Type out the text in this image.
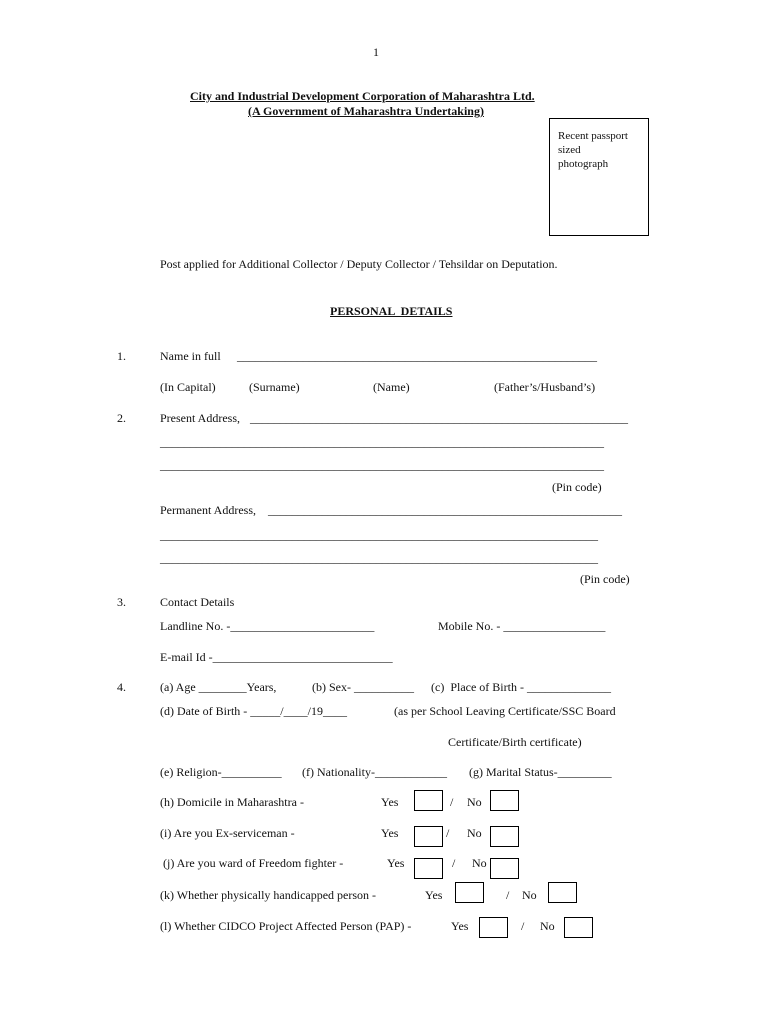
1
City and Industrial Development Corporation of Maharashtra Ltd.
(A Government of Maharashtra Undertaking)
Recent passport
sized
photograph
Post applied for Additional Collector / Deputy Collector / Tehsildar on Deputation.
PERSONAL  DETAILS
1.	Name in full ____________________________________________________________
(In Capital)	(Surname)	(Name)	(Father’s/Husband’s)
2.	Present Address, _______________________________________________________________
__________________________________________________________________________
__________________________________________________________________________
(Pin code)
Permanent Address, ___________________________________________________________
_________________________________________________________________________
_________________________________________________________________________
(Pin code)
3.	Contact Details
Landline No. -________________________	Mobile No. - _________________
E-mail Id -______________________________
4.	(a) Age ________Years,	(b) Sex- __________ (c)  Place of Birth - ______________
(d) Date of Birth - _____/____/19____	(as per School Leaving Certificate/SSC Board
Certificate/Birth certificate)
(e) Religion-__________ (f) Nationality-____________ (g) Marital Status-_________
(h) Domicile in Maharashtra -	Yes	/ No
(i) Are you Ex-serviceman -	Yes	/ No
(j) Are you ward of Freedom fighter -	Yes	/ No
(k) Whether physically handicapped person -	Yes	/ No
(l) Whether CIDCO Project Affected Person (PAP) -	Yes	/ No
